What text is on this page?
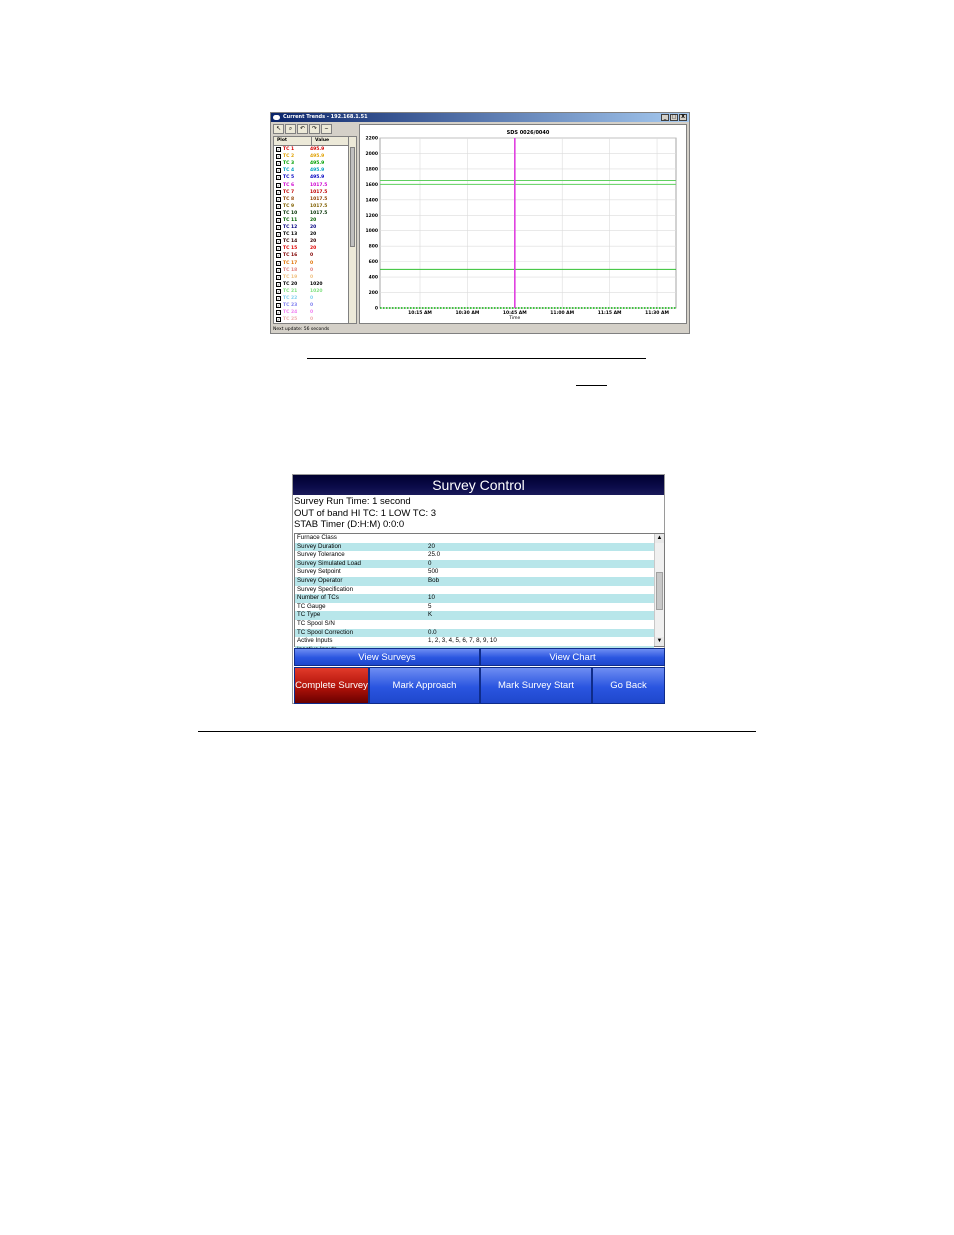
Current Trends - 192.168.1.51	_	□ X
↖	⌕	↶	↷	⌣
Plot	Value
✓ TC 1	495.9
✓ TC 2	495.9
✓ TC 3	495.9
✓ TC 4	495.9
✓ TC 5	495.9
✓ TC 6	1017.5
✓ TC 7	1017.5
✓ TC 8	1017.5
✓ TC 9	1017.5
✓ TC 10	1017.5
✓ TC 11	20
✓ TC 12	20
✓ TC 13	20
✓ TC 14	20
✓ TC 15	20
✓ TC 16	0
✓ TC 17	0
✓ TC 18	0
✓ TC 19	0
✓ TC 20	1020
✓ TC 21	1020
✓ TC 22	0
✓ TC 23	0
✓ TC 24	0
✓ TC 25	0
Next update: 56 seconds
SDS 0026/0040
0
200
400
600
800
1000
1200
1400
1600
1800
2000
2200
10:15 AM	10:30 AM	10:45 AM	11:00 AM	11:15 AM	11:30 AM
Time
Survey Control
Survey Run Time: 1 second
OUT of band HI TC: 1 LOW TC: 3
STAB Timer (D:H:M) 0:0:0
Furnace Class
Survey Duration	20
Survey Tolerance	25.0
Survey Simulated Load	0
Survey Setpoint	500
Survey Operator	Bob
Survey Specification
Number of TCs	10
TC Gauge	5
TC Type	K
TC Spool S/N
TC Spool Correction	0.0
Active Inputs	1, 2, 3, 4, 5, 6, 7, 8, 9, 10
▲
▼
View Surveys	View Chart
Complete Survey	Mark Approach	Mark Survey Start	Go Back
